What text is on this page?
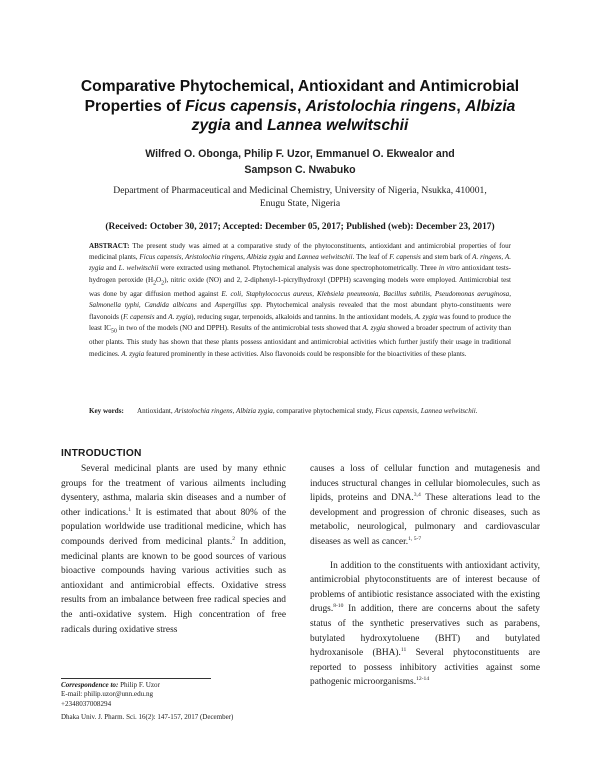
Comparative Phytochemical, Antioxidant and Antimicrobial
Properties of Ficus capensis, Aristolochia ringens, Albizia
zygia and Lannea welwitschii
Wilfred O. Obonga, Philip F. Uzor, Emmanuel O. Ekwealor and
Sampson C. Nwabuko
Department of Pharmaceutical and Medicinal Chemistry, University of Nigeria, Nsukka, 410001,
Enugu State, Nigeria
(Received: October 30, 2017; Accepted: December 05, 2017; Published (web): December 23, 2017)

ABSTRACT: The present study was aimed at a comparative study of the phytoconstituents, antioxidant and antimicrobial properties of four medicinal plants, Ficus capensis, Aristolochia ringens, Albizia zygia and Lannea welwitschii. The leaf of F. capensis and stem bark of A. ringens, A. zygia and L. welwitschii were extracted using methanol. Phytochemical analysis was done spectrophotometrically. Three in vitro antioxidant tests-hydrogen peroxide $(H_2O_2)$, nitric oxide (NO) and 2, 2-diphenyl-1-picrylhydroxyl (DPPH) scavenging models were employed. Antimicrobial test was done by agar diffusion method against E. coli, Staphylococcus aureus, Klebsiela pneumonia, Bacillus subtilis, Pseudomonas aeruginosa, Salmonella typhi, Candida albicans and Aspergillus spp. Phytochemical analysis revealed that the most abundant phyto-constituents were flavonoids (F. capensis and A. zygia), reducing sugar, terpenoids, alkaloids and tannins. In the antioxidant models, A. zygia was found to produce the least $IC_{50}$ in two of the models (NO and DPPH). Results of the antimicrobial tests showed that A. zygia showed a broader spectrum of activity than other plants. This study has shown that these plants possess antioxidant and antimicrobial activities which further justify their usage in traditional medicines. A. zygia featured prominently in these activities. Also flavonoids could be responsible for the bioactivities of these plants.

Key words:	Antioxidant, Aristolochia ringens, Albizia zygia, comparative phytochemical study, Ficus capensis, Lannea welwitschii.

INTRODUCTION

Several medicinal plants are used by many ethnic groups for the treatment of various ailments including dysentery, asthma, malaria skin diseases and a number of other indications.$^1$ It is estimated that about 80% of the population worldwide use traditional medicine, which has compounds derived from medicinal plants.$^2$ In addition, medicinal plants are known to be good sources of various bioactive compounds having various activities such as antioxidant and antimicrobial effects. Oxidative stress results from an imbalance between free radical species and the anti-oxidative system. High concentration of free radicals during oxidative stress

causes a loss of cellular function and mutagenesis and induces structural changes in cellular biomolecules, such as lipids, proteins and DNA.$^{3,4}$ These alterations lead to the development and progression of chronic diseases, such as metabolic, neurological, pulmonary and cardiovascular diseases as well as cancer.$^{1, 5-7}$

In addition to the constituents with antioxidant activity, antimicrobial phytoconstituents are of interest because of problems of antibiotic resistance associated with the existing drugs.$^{8-10}$ In addition, there are concerns about the safety status of the synthetic preservatives such as parabens, butylated hydroxytoluene (BHT) and butylated hydroxanisole (BHA).$^{11}$ Several phytoconstituents are reported to possess inhibitory activities against some pathogenic microorganisms.$^{12-14}$

Correspondence to: Philip F. Uzor
E-mail: philip.uzor@unn.edu.ng
+2348037008294
Dhaka Univ. J. Pharm. Sci. 16(2): 147-157, 2017 (December)
